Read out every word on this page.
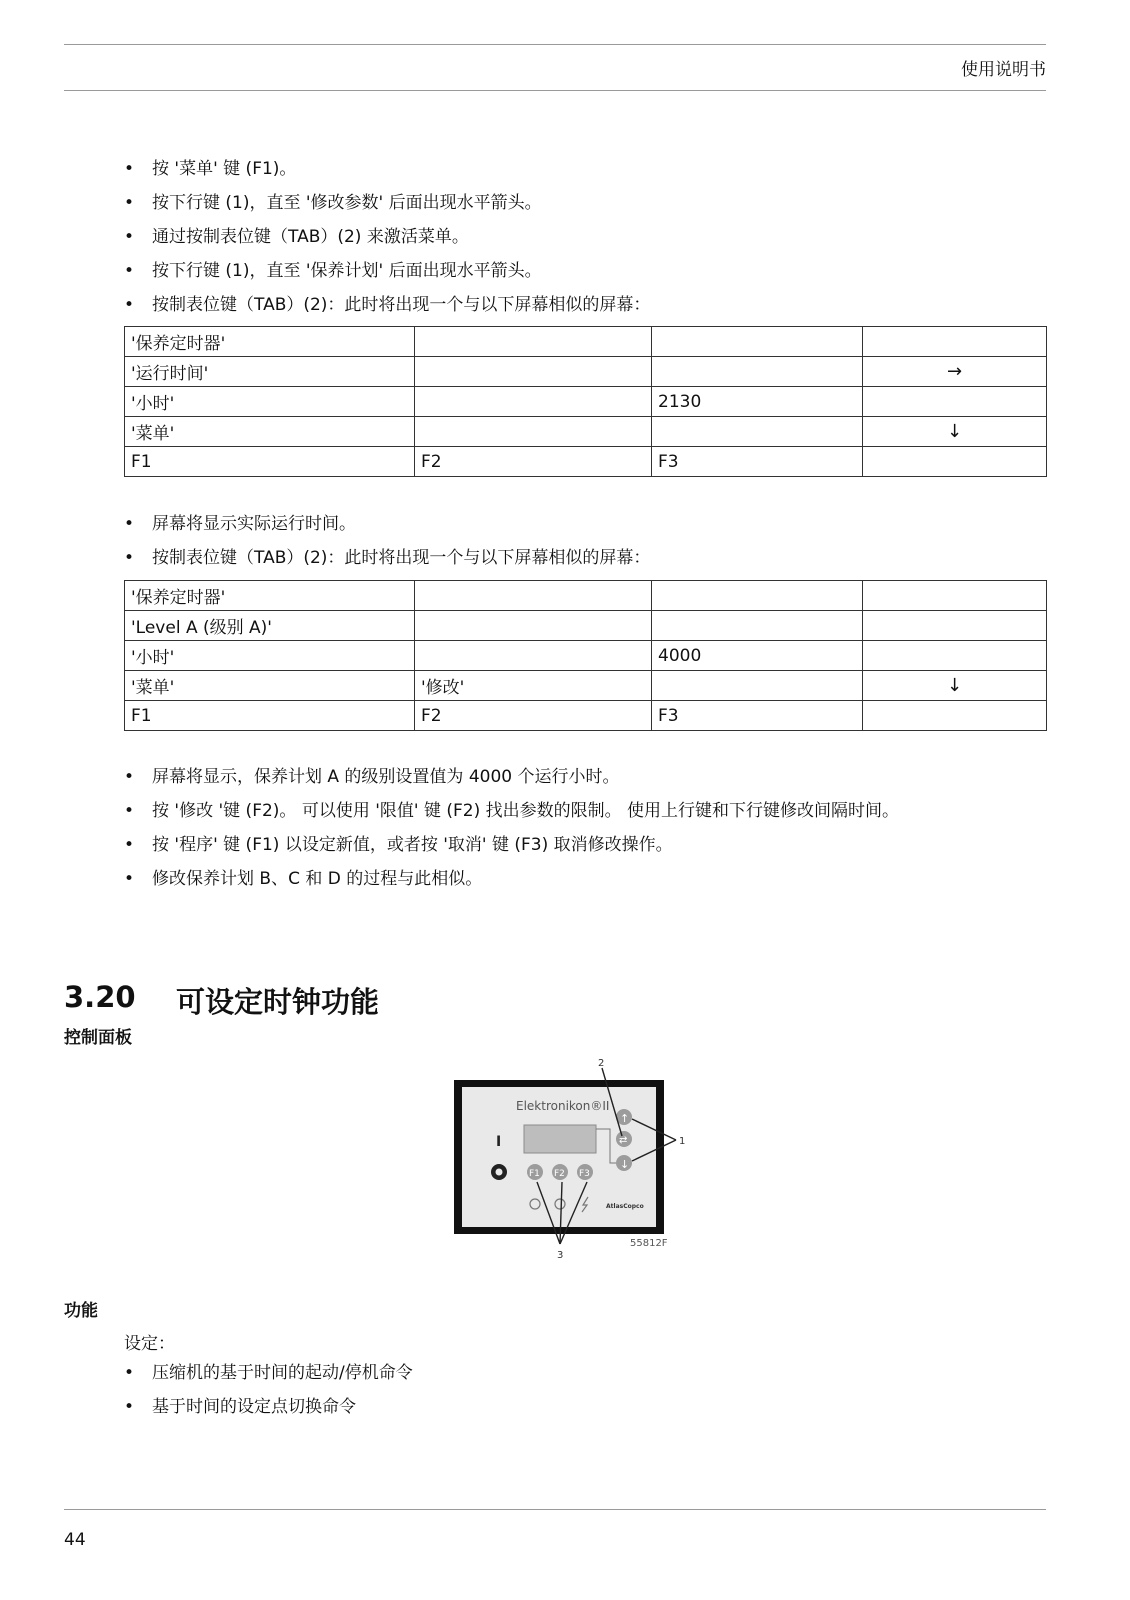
使用说明书
• 按 '菜单' 键 (F1)。
• 按下行键 (1)，直至 '修改参数' 后面出现水平箭头。
• 通过按制表位键（TAB）(2) 来激活菜单。
• 按下行键 (1)，直至 '保养计划' 后面出现水平箭头。
• 按制表位键（TAB）(2)：此时将出现一个与以下屏幕相似的屏幕：
'保养定时器'			
'运行时间'			→
'小时'		2130	
'菜单'			↓
F1	F2	F3	
• 屏幕将显示实际运行时间。
• 按制表位键（TAB）(2)：此时将出现一个与以下屏幕相似的屏幕：
'保养定时器'			
'Level A (级别 A)'			
'小时'		4000	
'菜单'	'修改'		↓
F1	F2	F3	
• 屏幕将显示，保养计划 A 的级别设置值为 4000 个运行小时。
• 按 '修改 '键 (F2)。 可以使用 '限值' 键 (F2) 找出参数的限制。 使用上行键和下行键修改间隔时间。
• 按 '程序' 键 (F1) 以设定新值，或者按 '取消' 键 (F3) 取消修改操作。
• 修改保养计划 B、C 和 D 的过程与此相似。
3.20 可设定时钟功能
控制面板
Elektronikon®II
I
F1 F2 F3
AtlasCopco
↑
⇄
↓
2
1
3
55812F
功能
设定：
• 压缩机的基于时间的起动/停机命令
• 基于时间的设定点切换命令
44
